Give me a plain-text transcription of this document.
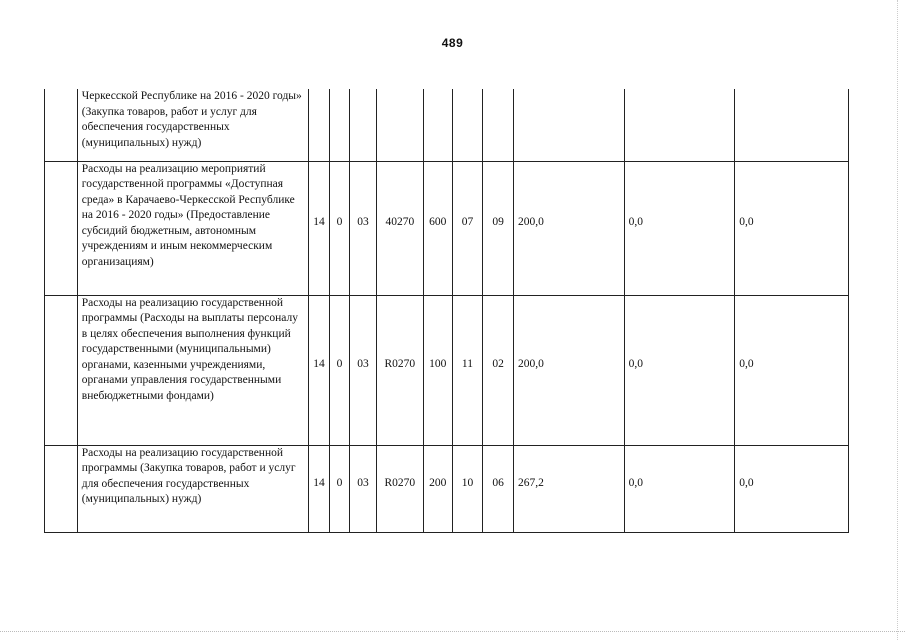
489
	Черкесской Республике на 2016 - 2020 годы» (Закупка товаров, работ и услуг для обеспечения государственных (муниципальных) нужд)	

	Расходы на реализацию мероприятий государственной программы «Доступная среда» в Карачаево-Черкесской Республике на 2016 - 2020 годы» (Предоставление субсидий бюджетным, автономным учреждениям и иным некоммерческим организациям)	14	0	03	40270	600	07	09	200,0	0,0	0,0

	Расходы на реализацию государственной программы (Расходы на выплаты персоналу в целях обеспечения выполнения функций государственными (муниципальными) органами, казенными учреждениями, органами управления государственными внебюджетными фондами)	14	0	03	R0270	100	11	02	200,0	0,0	0,0

	Расходы на реализацию государственной программы (Закупка товаров, работ и услуг для обеспечения государственных (муниципальных) нужд)	14	0	03	R0270	200	10	06	267,2	0,0	0,0
